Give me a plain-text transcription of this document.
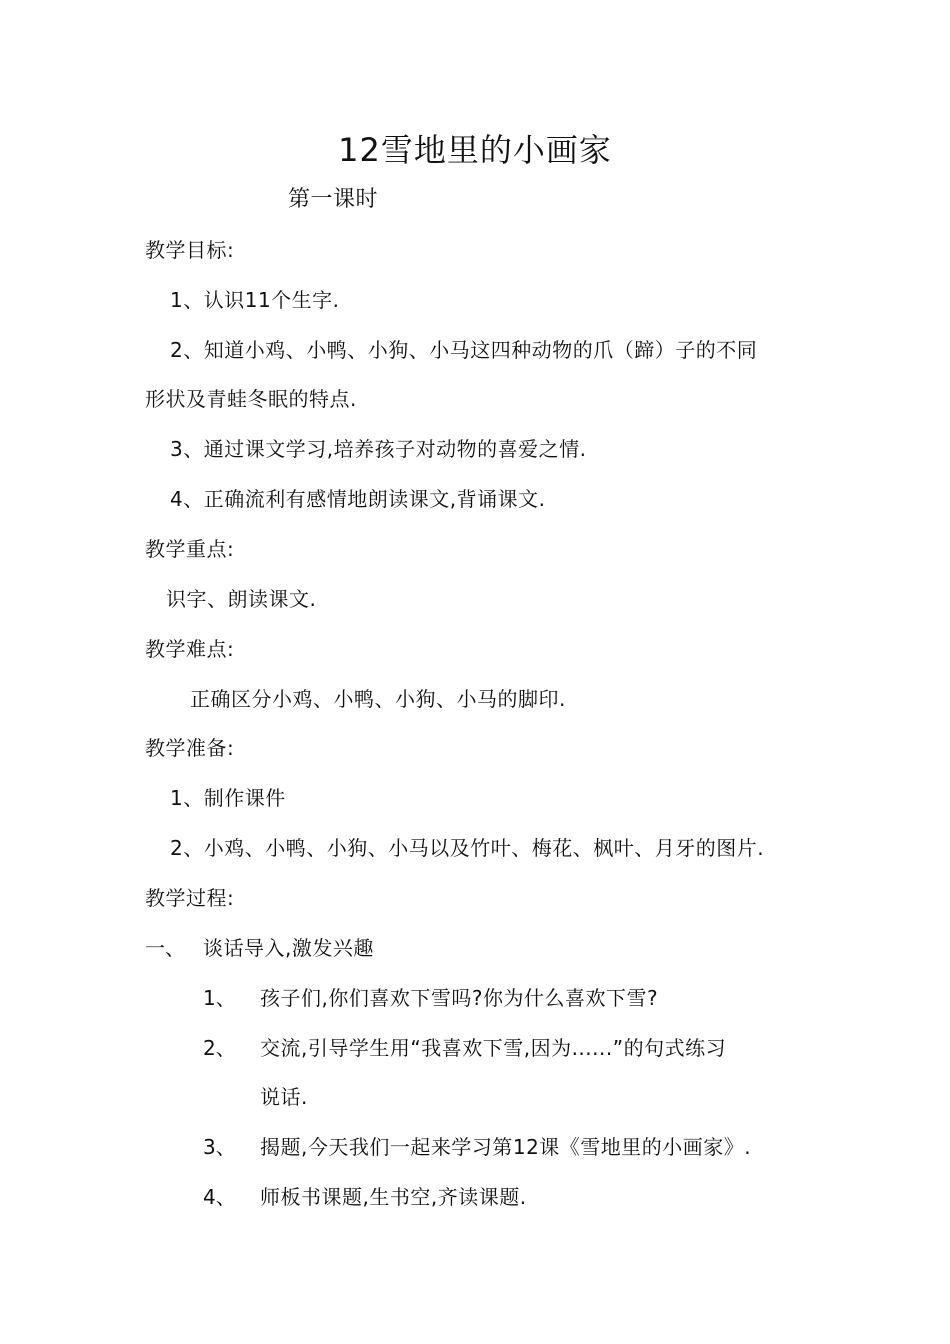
12雪地里的小画家
第一课时
教学目标:
1、认识11个生字.
2、知道小鸡、小鸭、小狗、小马这四种动物的爪（蹄）子的不同
形状及青蛙冬眠的特点.
3、通过课文学习,培养孩子对动物的喜爱之情.
4、正确流利有感情地朗读课文,背诵课文.
教学重点:
识字、朗读课文.
教学难点:
正确区分小鸡、小鸭、小狗、小马的脚印.
教学准备:
1、制作课件
2、小鸡、小鸭、小狗、小马以及竹叶、梅花、枫叶、月牙的图片.
教学过程:
一、 谈话导入,激发兴趣
1、 孩子们,你们喜欢下雪吗?你为什么喜欢下雪?
2、 交流,引导学生用“我喜欢下雪,因为......”的句式练习
说话.
3、 揭题,今天我们一起来学习第12课《雪地里的小画家》.
4、 师板书课题,生书空,齐读课题.
